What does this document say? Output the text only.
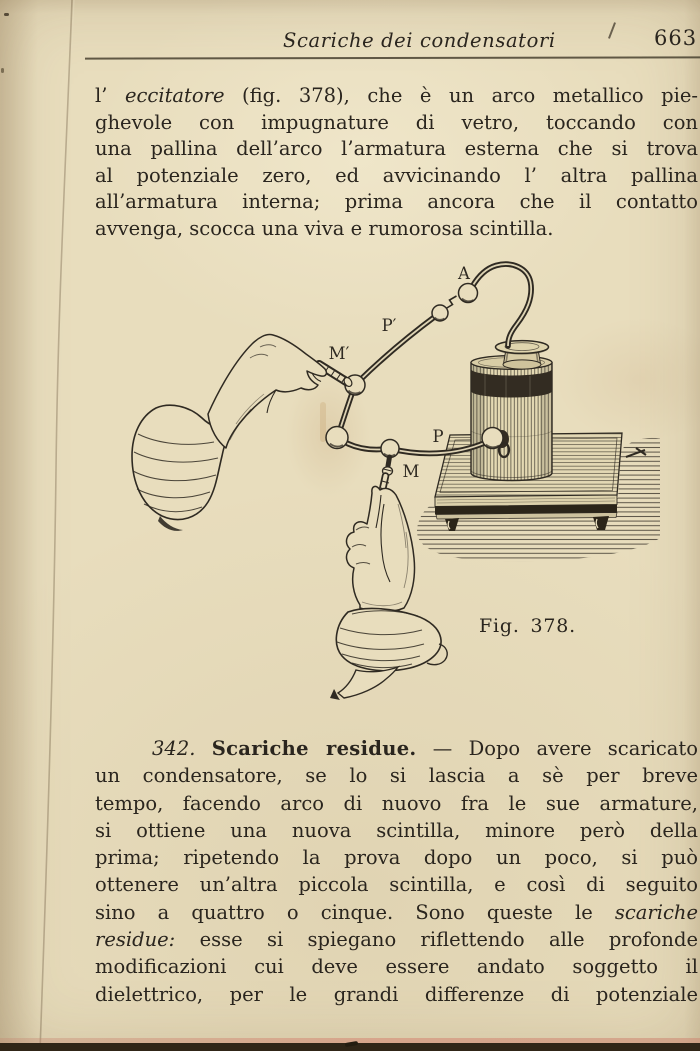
Scariche dei condensatori	663
l’ eccitatore (fig. 378), che è un arco metallico pie-
ghevole con impugnature di vetro, toccando con
una pallina dell’arco l’armatura esterna che si trova
al potenziale zero, ed avvicinando l’ altra pallina
all’armatura interna; prima ancora che il contatto
avvenga, scocca una viva e rumorosa scintilla.
A
P′
M′
P
M
Fig. 378.
342. Scariche residue. — Dopo avere scaricato
un condensatore, se lo si lascia a sè per breve
tempo, facendo arco di nuovo fra le sue armature,
si ottiene una nuova scintilla, minore però della
prima; ripetendo la prova dopo un poco, si può
ottenere un’altra piccola scintilla, e così di seguito
sino a quattro o cinque. Sono queste le scariche
residue: esse si spiegano riflettendo alle profonde
modificazioni cui deve essere andato soggetto il
dielettrico, per le grandi differenze di potenziale
